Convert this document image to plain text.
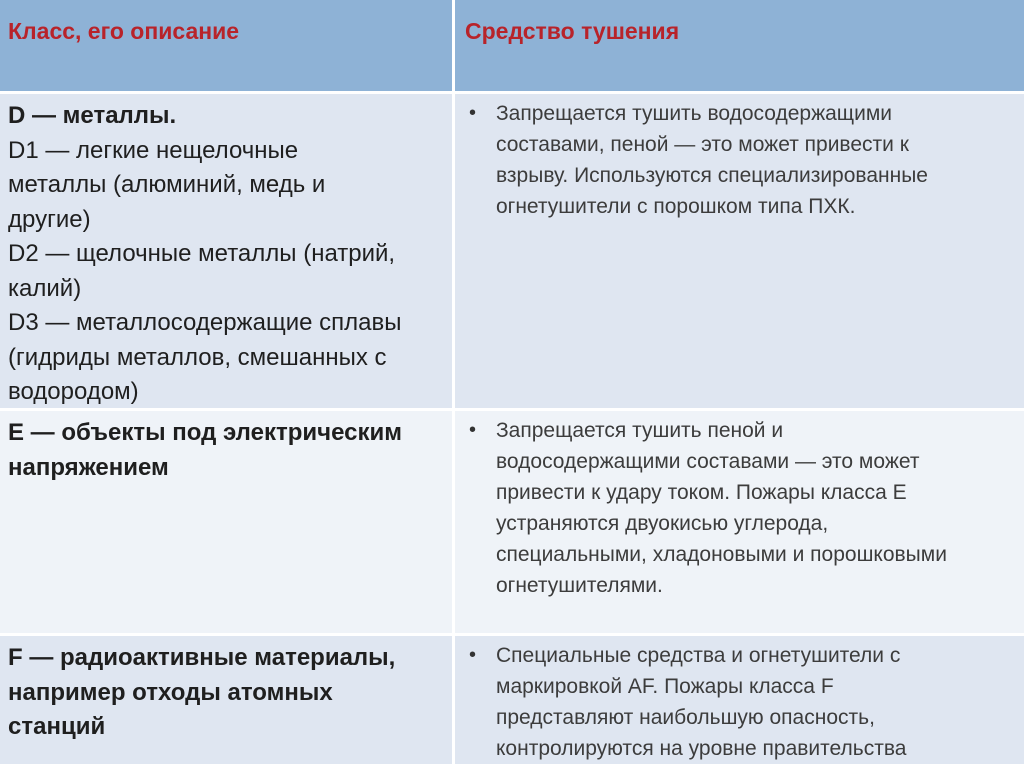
Класс, его описание	Средство тушения
D — металлы.
D1 — легкие нещелочные
металлы (алюминий, медь и
другие)
D2 — щелочные металлы (натрий,
калий)
D3 — металлосодержащие сплавы
(гидриды металлов, смешанных с
водородом)
• Запрещается тушить водосодержащими
составами, пеной — это может привести к
взрыву. Используются специализированные
огнетушители с порошком типа ПХК.
E — объекты под электрическим
напряжением
• Запрещается тушить пеной и
водосодержащими составами — это может
привести к удару током. Пожары класса Е
устраняются двуокисью углерода,
специальными, хладоновыми и порошковыми
огнетушителями.
F — радиоактивные материалы,
например отходы атомных
станций
• Специальные средства и огнетушители с
маркировкой AF. Пожары класса F
представляют наибольшую опасность,
контролируются на уровне правительства
